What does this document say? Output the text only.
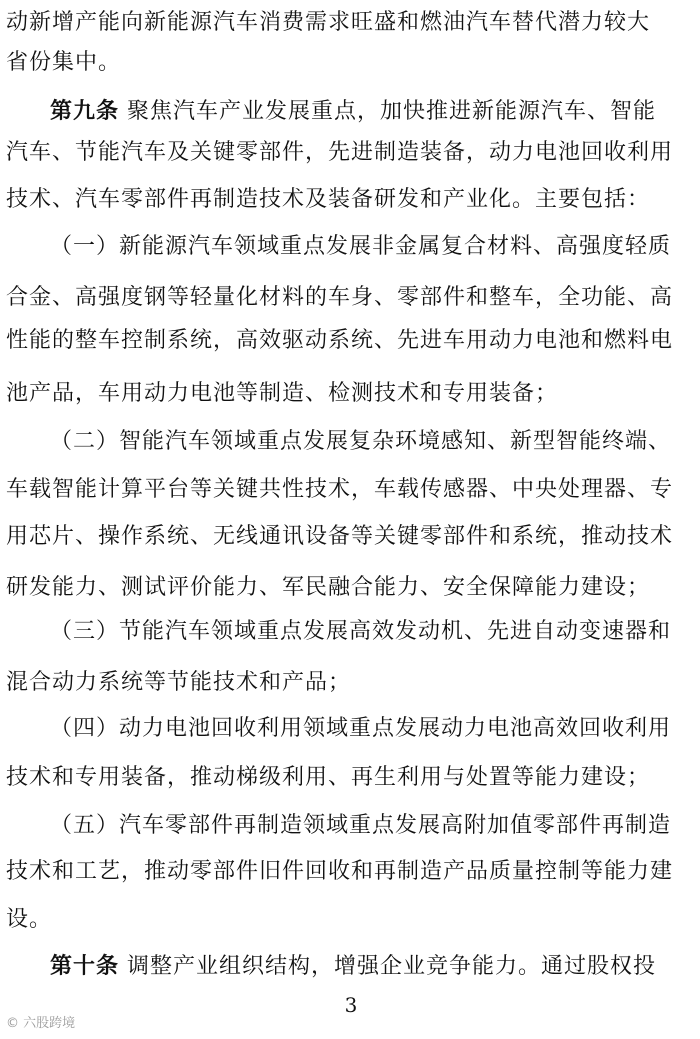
动新增产能向新能源汽车消费需求旺盛和燃油汽车替代潜力较大
省份集中。
第九条 聚焦汽车产业发展重点，加快推进新能源汽车、智能
汽车、节能汽车及关键零部件，先进制造装备，动力电池回收利用
技术、汽车零部件再制造技术及装备研发和产业化。主要包括：
（一）新能源汽车领域重点发展非金属复合材料、高强度轻质
合金、高强度钢等轻量化材料的车身、零部件和整车，全功能、高
性能的整车控制系统，高效驱动系统、先进车用动力电池和燃料电
池产品，车用动力电池等制造、检测技术和专用装备；
（二）智能汽车领域重点发展复杂环境感知、新型智能终端、
车载智能计算平台等关键共性技术，车载传感器、中央处理器、专
用芯片、操作系统、无线通讯设备等关键零部件和系统，推动技术
研发能力、测试评价能力、军民融合能力、安全保障能力建设；
（三）节能汽车领域重点发展高效发动机、先进自动变速器和
混合动力系统等节能技术和产品；
（四）动力电池回收利用领域重点发展动力电池高效回收利用
技术和专用装备，推动梯级利用、再生利用与处置等能力建设；
（五）汽车零部件再制造领域重点发展高附加值零部件再制造
技术和工艺，推动零部件旧件回收和再制造产品质量控制等能力建
设。
第十条 调整产业组织结构，增强企业竞争能力。通过股权投
3
© 六股跨境
